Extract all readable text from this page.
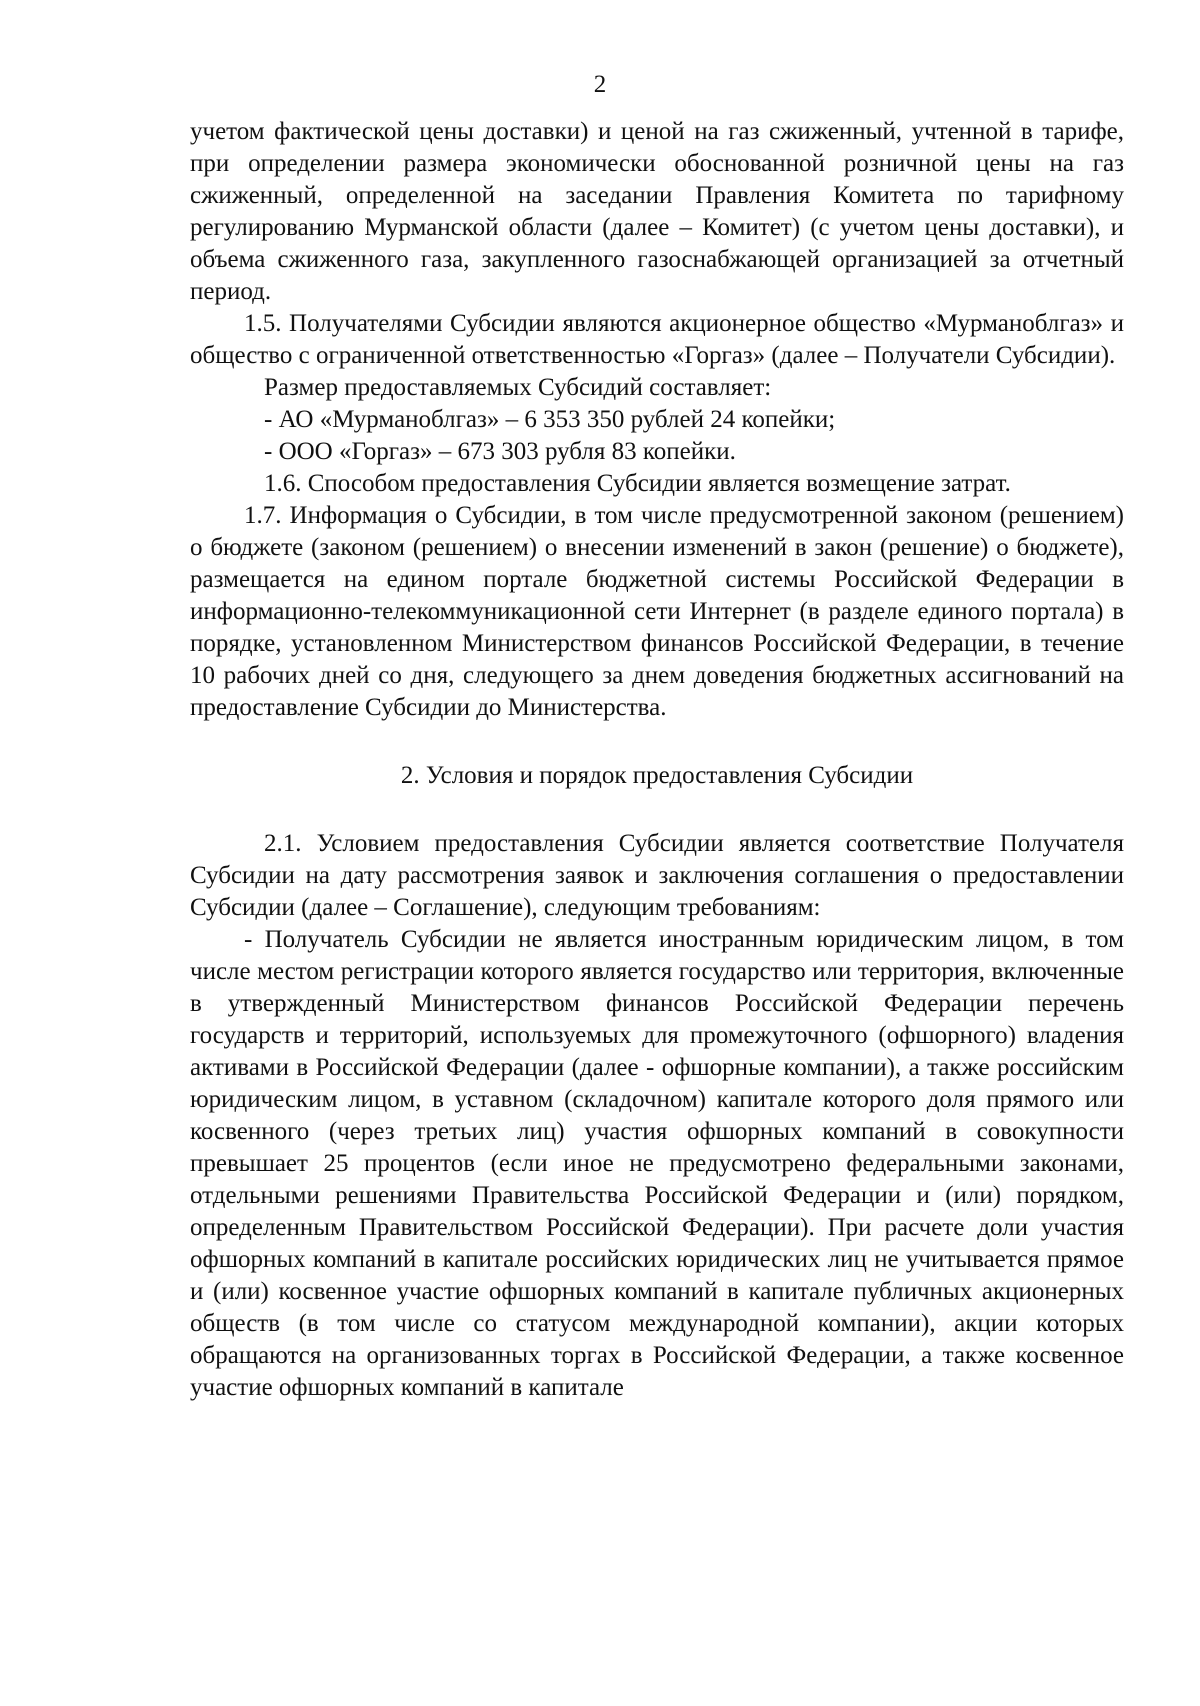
2

учетом фактической цены доставки) и ценой на газ сжиженный, учтенной в тарифе, при определении размера экономически обоснованной розничной цены на газ сжиженный, определенной на заседании Правления Комитета по тарифному регулированию Мурманской области (далее – Комитет) (с учетом цены доставки), и объема сжиженного газа, закупленного газоснабжающей организацией за отчетный период.

1.5. Получателями Субсидии являются акционерное общество «Мурманоблгаз» и общество с ограниченной ответственностью «Горгаз» (далее – Получатели Субсидии).

Размер предоставляемых Субсидий составляет:

- АО «Мурманоблгаз» – 6 353 350 рублей 24 копейки;

- ООО «Горгаз» – 673 303 рубля 83 копейки.

1.6. Способом предоставления Субсидии является возмещение затрат.

1.7. Информация о Субсидии, в том числе предусмотренной законом (решением) о бюджете (законом (решением) о внесении изменений в закон (решение) о бюджете), размещается на едином портале бюджетной системы Российской Федерации в информационно-телекоммуникационной сети Интернет (в разделе единого портала) в порядке, установленном Министерством финансов Российской Федерации, в течение 10 рабочих дней со дня, следующего за днем доведения бюджетных ассигнований на предоставление Субсидии до Министерства.

2. Условия и порядок предоставления Субсидии

2.1. Условием предоставления Субсидии является соответствие Получателя Субсидии на дату рассмотрения заявок и заключения соглашения о предоставлении Субсидии (далее – Соглашение), следующим требованиям:

- Получатель Субсидии не является иностранным юридическим лицом, в том числе местом регистрации которого является государство или территория, включенные в утвержденный Министерством финансов Российской Федерации перечень государств и территорий, используемых для промежуточного (офшорного) владения активами в Российской Федерации (далее - офшорные компании), а также российским юридическим лицом, в уставном (складочном) капитале которого доля прямого или косвенного (через третьих лиц) участия офшорных компаний в совокупности превышает 25 процентов (если иное не предусмотрено федеральными законами, отдельными решениями Правительства Российской Федерации и (или) порядком, определенным Правительством Российской Федерации). При расчете доли участия офшорных компаний в капитале российских юридических лиц не учитывается прямое и (или) косвенное участие офшорных компаний в капитале публичных акционерных обществ (в том числе со статусом международной компании), акции которых обращаются на организованных торгах в Российской Федерации, а также косвенное участие офшорных компаний в капитале
